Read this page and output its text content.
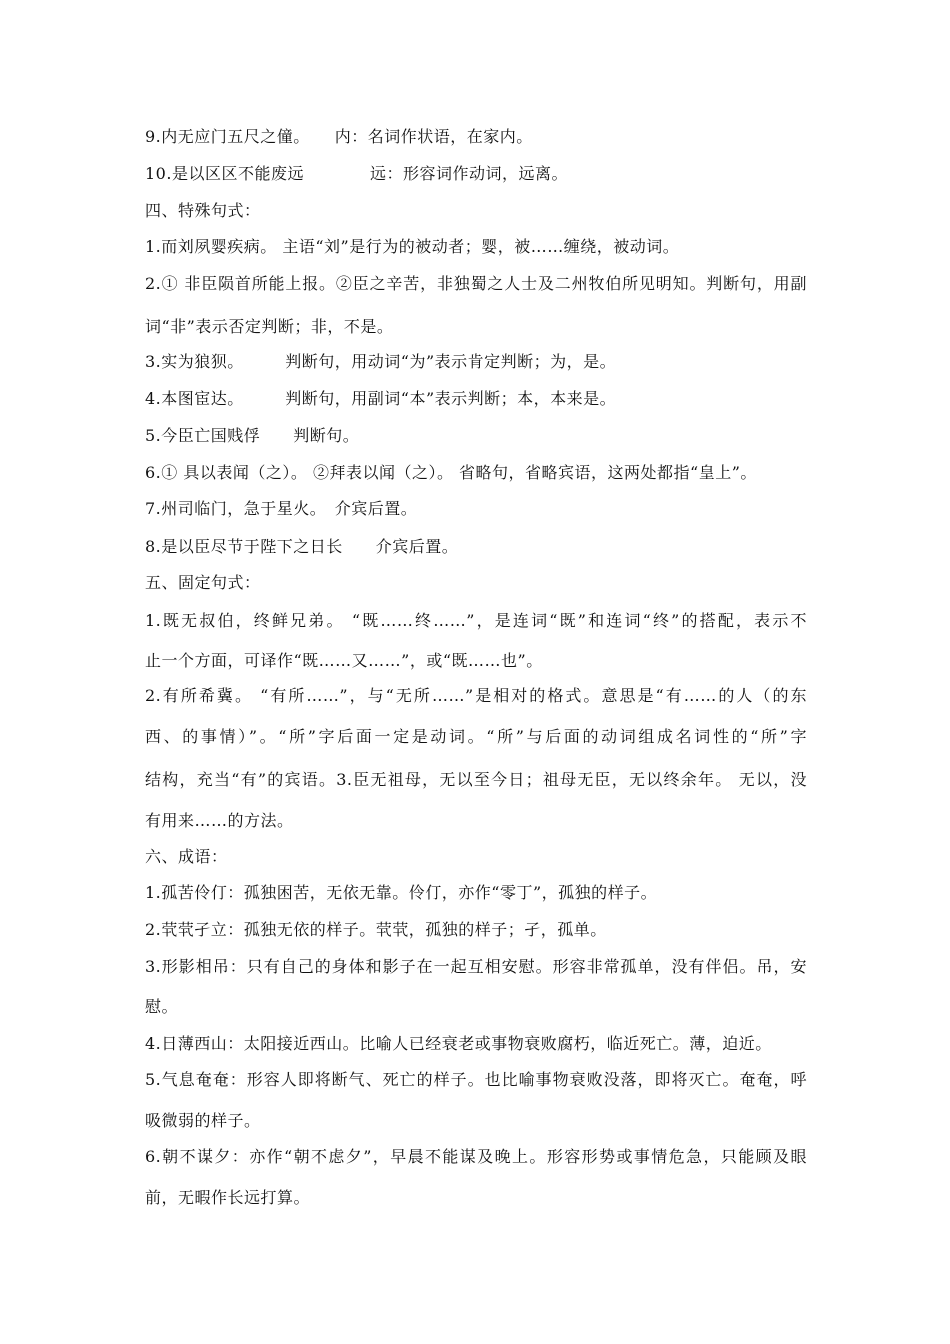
9.内无应门五尺之僮。　　内：名词作状语，在家内。
10.是以区区不能废远　　　　远：形容词作动词，远离。
四、特殊句式：
1.而刘夙婴疾病。 主语“刘”是行为的被动者；婴，被……缠绕，被动词。
2.① 非臣陨首所能上报。②臣之辛苦，非独蜀之人士及二州牧伯所见明知。判断句，用副
词“非”表示否定判断；非，不是。
3.实为狼狈。　　　判断句，用动词“为”表示肯定判断；为，是。
4.本图宦达。　　　判断句，用副词“本”表示判断；本，本来是。
5.今臣亡国贱俘　　判断句。
6.① 具以表闻（之）。 ②拜表以闻（之）。 省略句，省略宾语，这两处都指“皇上”。
7.州司临门，急于星火。　介宾后置。
8.是以臣尽节于陛下之日长　　介宾后置。
五、固定句式：
1.既无叔伯，终鲜兄弟。 “既……终……”，是连词“既”和连词“终”的搭配，表示不
止一个方面，可译作“既……又……”，或“既……也”。
2.有所希冀。 “有所……”，与“无所……”是相对的格式。意思是“有……的人（的东
西、的事情）”。“所”字后面一定是动词。“所”与后面的动词组成名词性的“所”字
结构，充当“有”的宾语。3.臣无祖母，无以至今日；祖母无臣，无以终余年。 无以，没
有用来……的方法。
六、成语：
1.孤苦伶仃：孤独困苦，无依无靠。伶仃，亦作“零丁”，孤独的样子。
2.茕茕孑立：孤独无依的样子。茕茕，孤独的样子；孑，孤单。
3.形影相吊：只有自己的身体和影子在一起互相安慰。形容非常孤单，没有伴侣。吊，安
慰。
4.日薄西山：太阳接近西山。比喻人已经衰老或事物衰败腐朽，临近死亡。薄，迫近。
5.气息奄奄：形容人即将断气、死亡的样子。也比喻事物衰败没落，即将灭亡。奄奄，呼
吸微弱的样子。
6.朝不谋夕：亦作“朝不虑夕”，早晨不能谋及晚上。形容形势或事情危急，只能顾及眼
前，无暇作长远打算。
